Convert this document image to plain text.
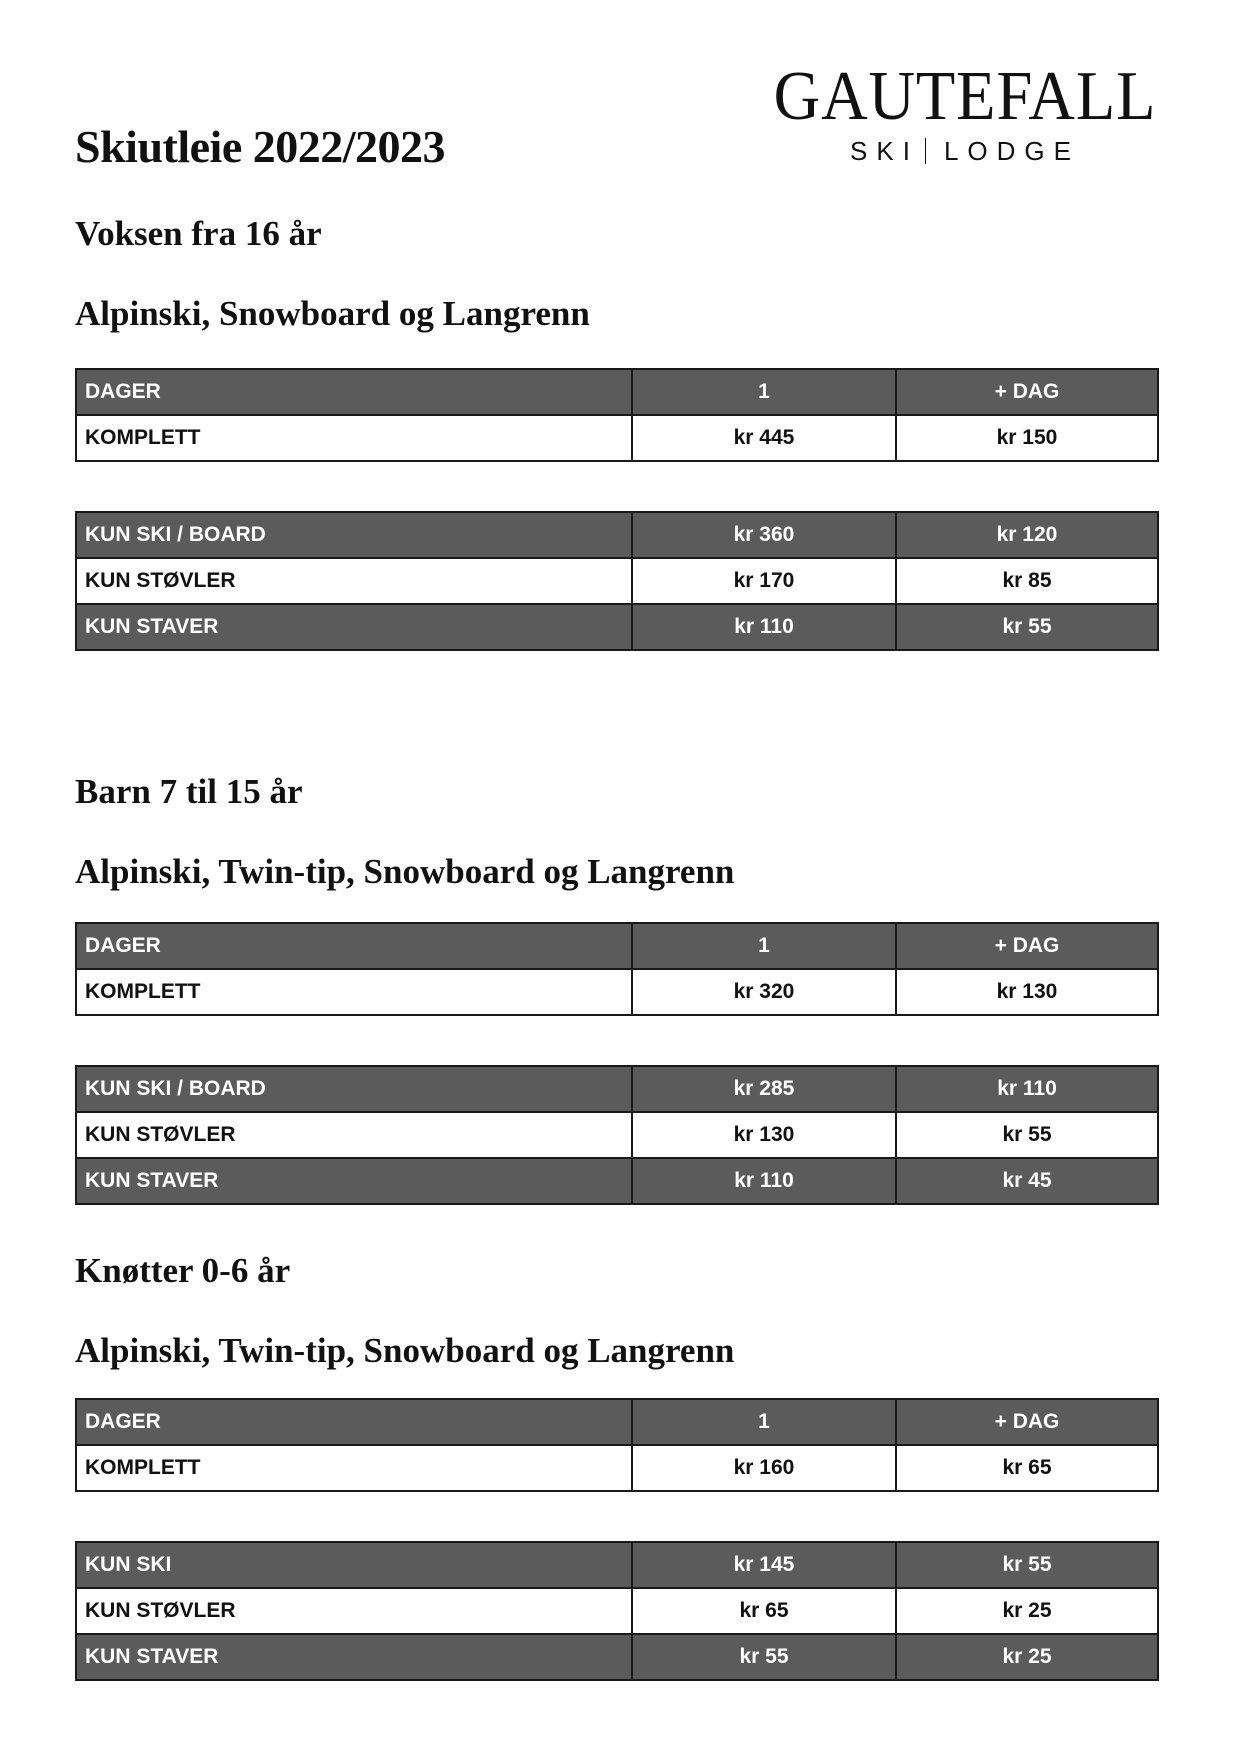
Skiutleie 2022/2023
GAUTEFALL
SKI LODGE
Voksen fra 16 år
Alpinski, Snowboard og Langrenn
DAGER	1	+ DAG
KOMPLETT	kr 445	kr 150
KUN SKI / BOARD	kr 360	kr 120
KUN STØVLER	kr 170	kr 85
KUN STAVER	kr 110	kr 55
Barn 7 til 15 år
Alpinski, Twin-tip, Snowboard og Langrenn
DAGER	1	+ DAG
KOMPLETT	kr 320	kr 130
KUN SKI / BOARD	kr 285	kr 110
KUN STØVLER	kr 130	kr 55
KUN STAVER	kr 110	kr 45
Knøtter 0-6 år
Alpinski, Twin-tip, Snowboard og Langrenn
DAGER	1	+ DAG
KOMPLETT	kr 160	kr 65
KUN SKI	kr 145	kr 55
KUN STØVLER	kr 65	kr 25
KUN STAVER	kr 55	kr 25
